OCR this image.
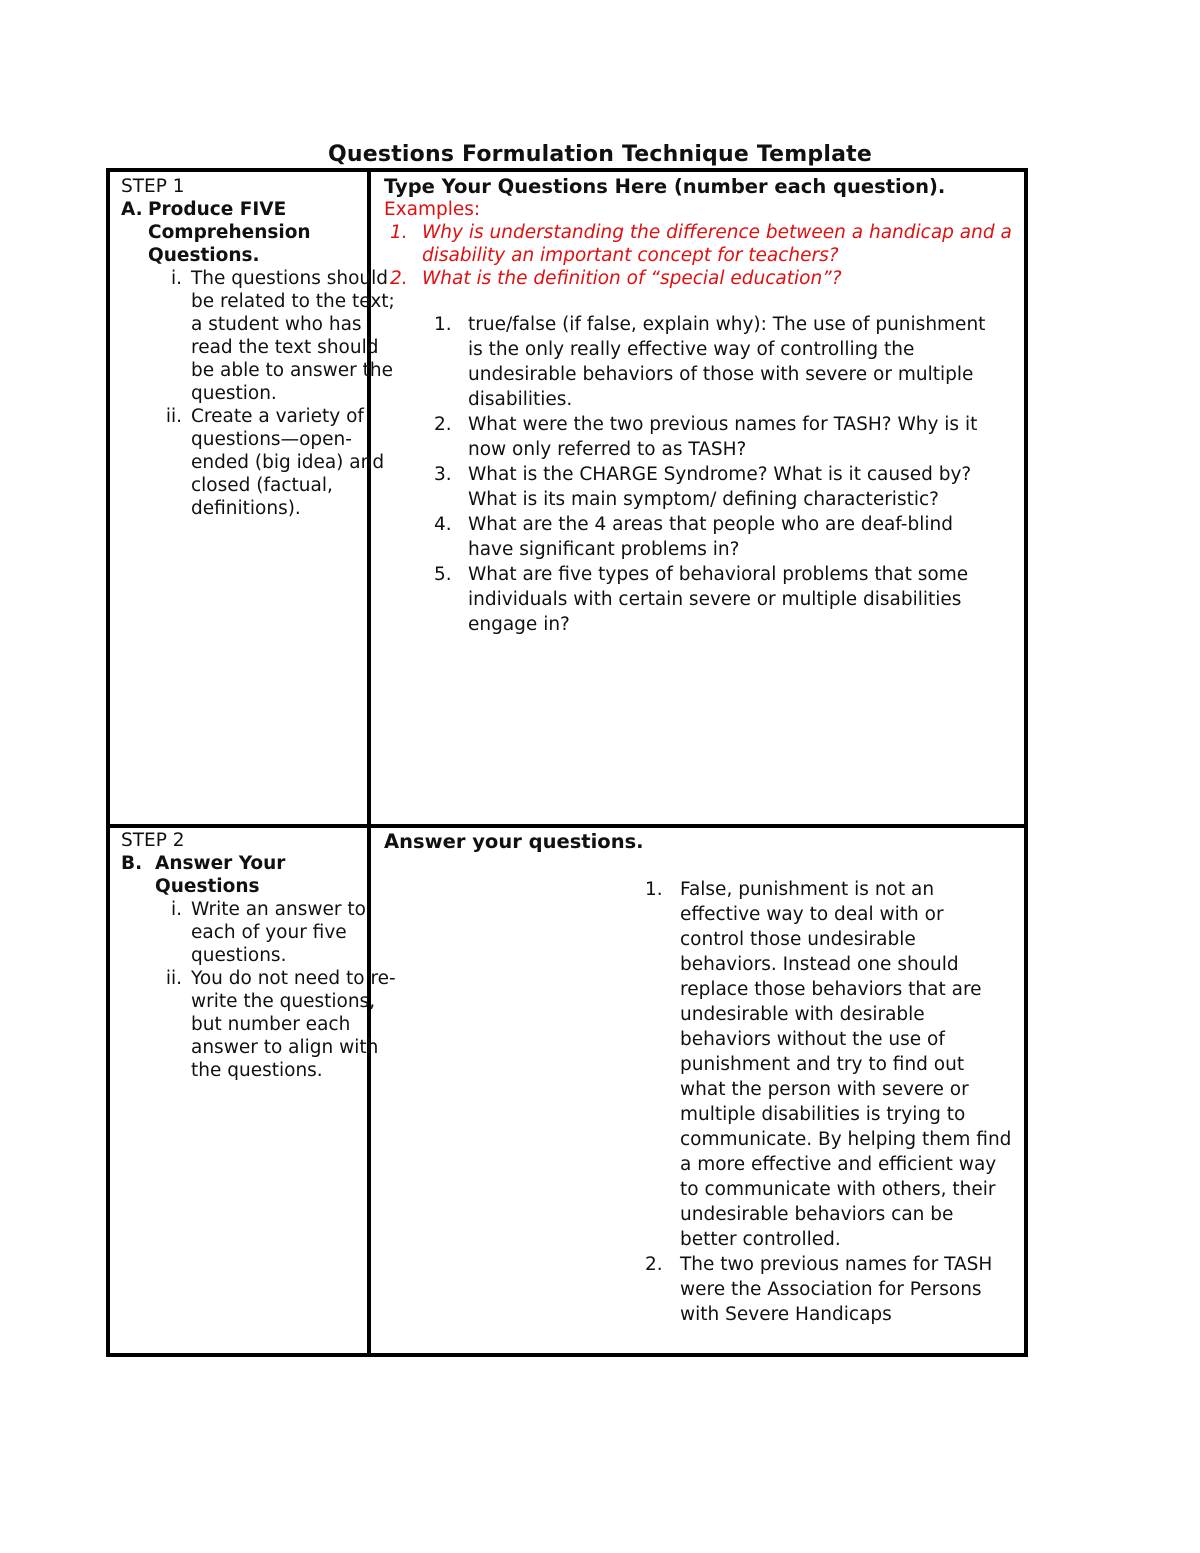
Questions Formulation Technique Template
STEP 1
A. Produce FIVE
Comprehension
Questions.
i. The questions should be related to the text; a student who has read the text should be able to answer the question.
ii. Create a variety of questions—open-ended (big idea) and closed (factual, definitions).
Type Your Questions Here (number each question).
Examples:
1. Why is understanding the difference between a handicap and a disability an important concept for teachers?
2. What is the definition of “special education”?
1. true/false (if false, explain why): The use of punishment is the only really effective way of controlling the undesirable behaviors of those with severe or multiple disabilities.
2. What were the two previous names for TASH? Why is it now only referred to as TASH?
3. What is the CHARGE Syndrome? What is it caused by? What is its main symptom/ defining characteristic?
4. What are the 4 areas that people who are deaf-blind have significant problems in?
5. What are five types of behavioral problems that some individuals with certain severe or multiple disabilities engage in?
STEP 2
B. Answer Your
Questions
i. Write an answer to each of your five questions.
ii. You do not need to re-write the questions, but number each answer to align with the questions.
Answer your questions.
1. False, punishment is not an effective way to deal with or control those undesirable behaviors. Instead one should replace those behaviors that are undesirable with desirable behaviors without the use of punishment and try to find out what the person with severe or multiple disabilities is trying to communicate. By helping them find a more effective and efficient way to communicate with others, their undesirable behaviors can be better controlled.
2. The two previous names for TASH were the Association for Persons with Severe Handicaps
